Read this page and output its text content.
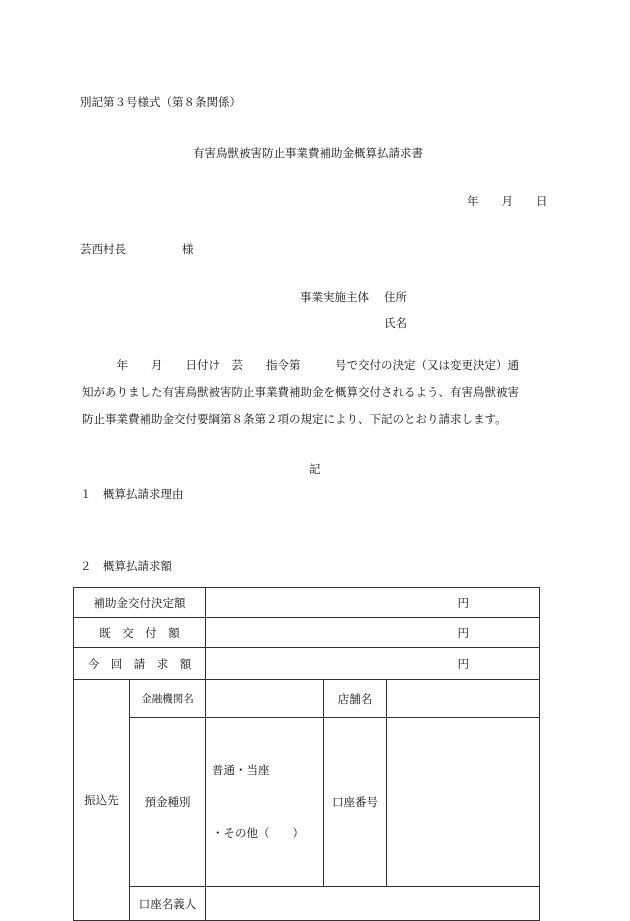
別記第３号様式（第８条関係）
有害鳥獣被害防止事業費補助金概算払請求書
年　　月　　日
芸西村長	様
事業実施主体 住所
氏名
　　　年　　月　　日付け　芸　　指令第　　　号で交付の決定（又は変更決定）通
知がありました有害鳥獣被害防止事業費補助金を概算交付されるよう、有害鳥獣被害
防止事業費補助金交付要綱第８条第２項の規定により、下記のとおり請求します。
記
１　概算払請求理由
２　概算払請求額
補助金交付決定額		円		
既　交　付　額		円		
今　回　請　求　額		円		
振込先	金融機関名		店舗名	
	預金種別	普通・当座

・その他（　　）	口座番号	
	口座名義人			
